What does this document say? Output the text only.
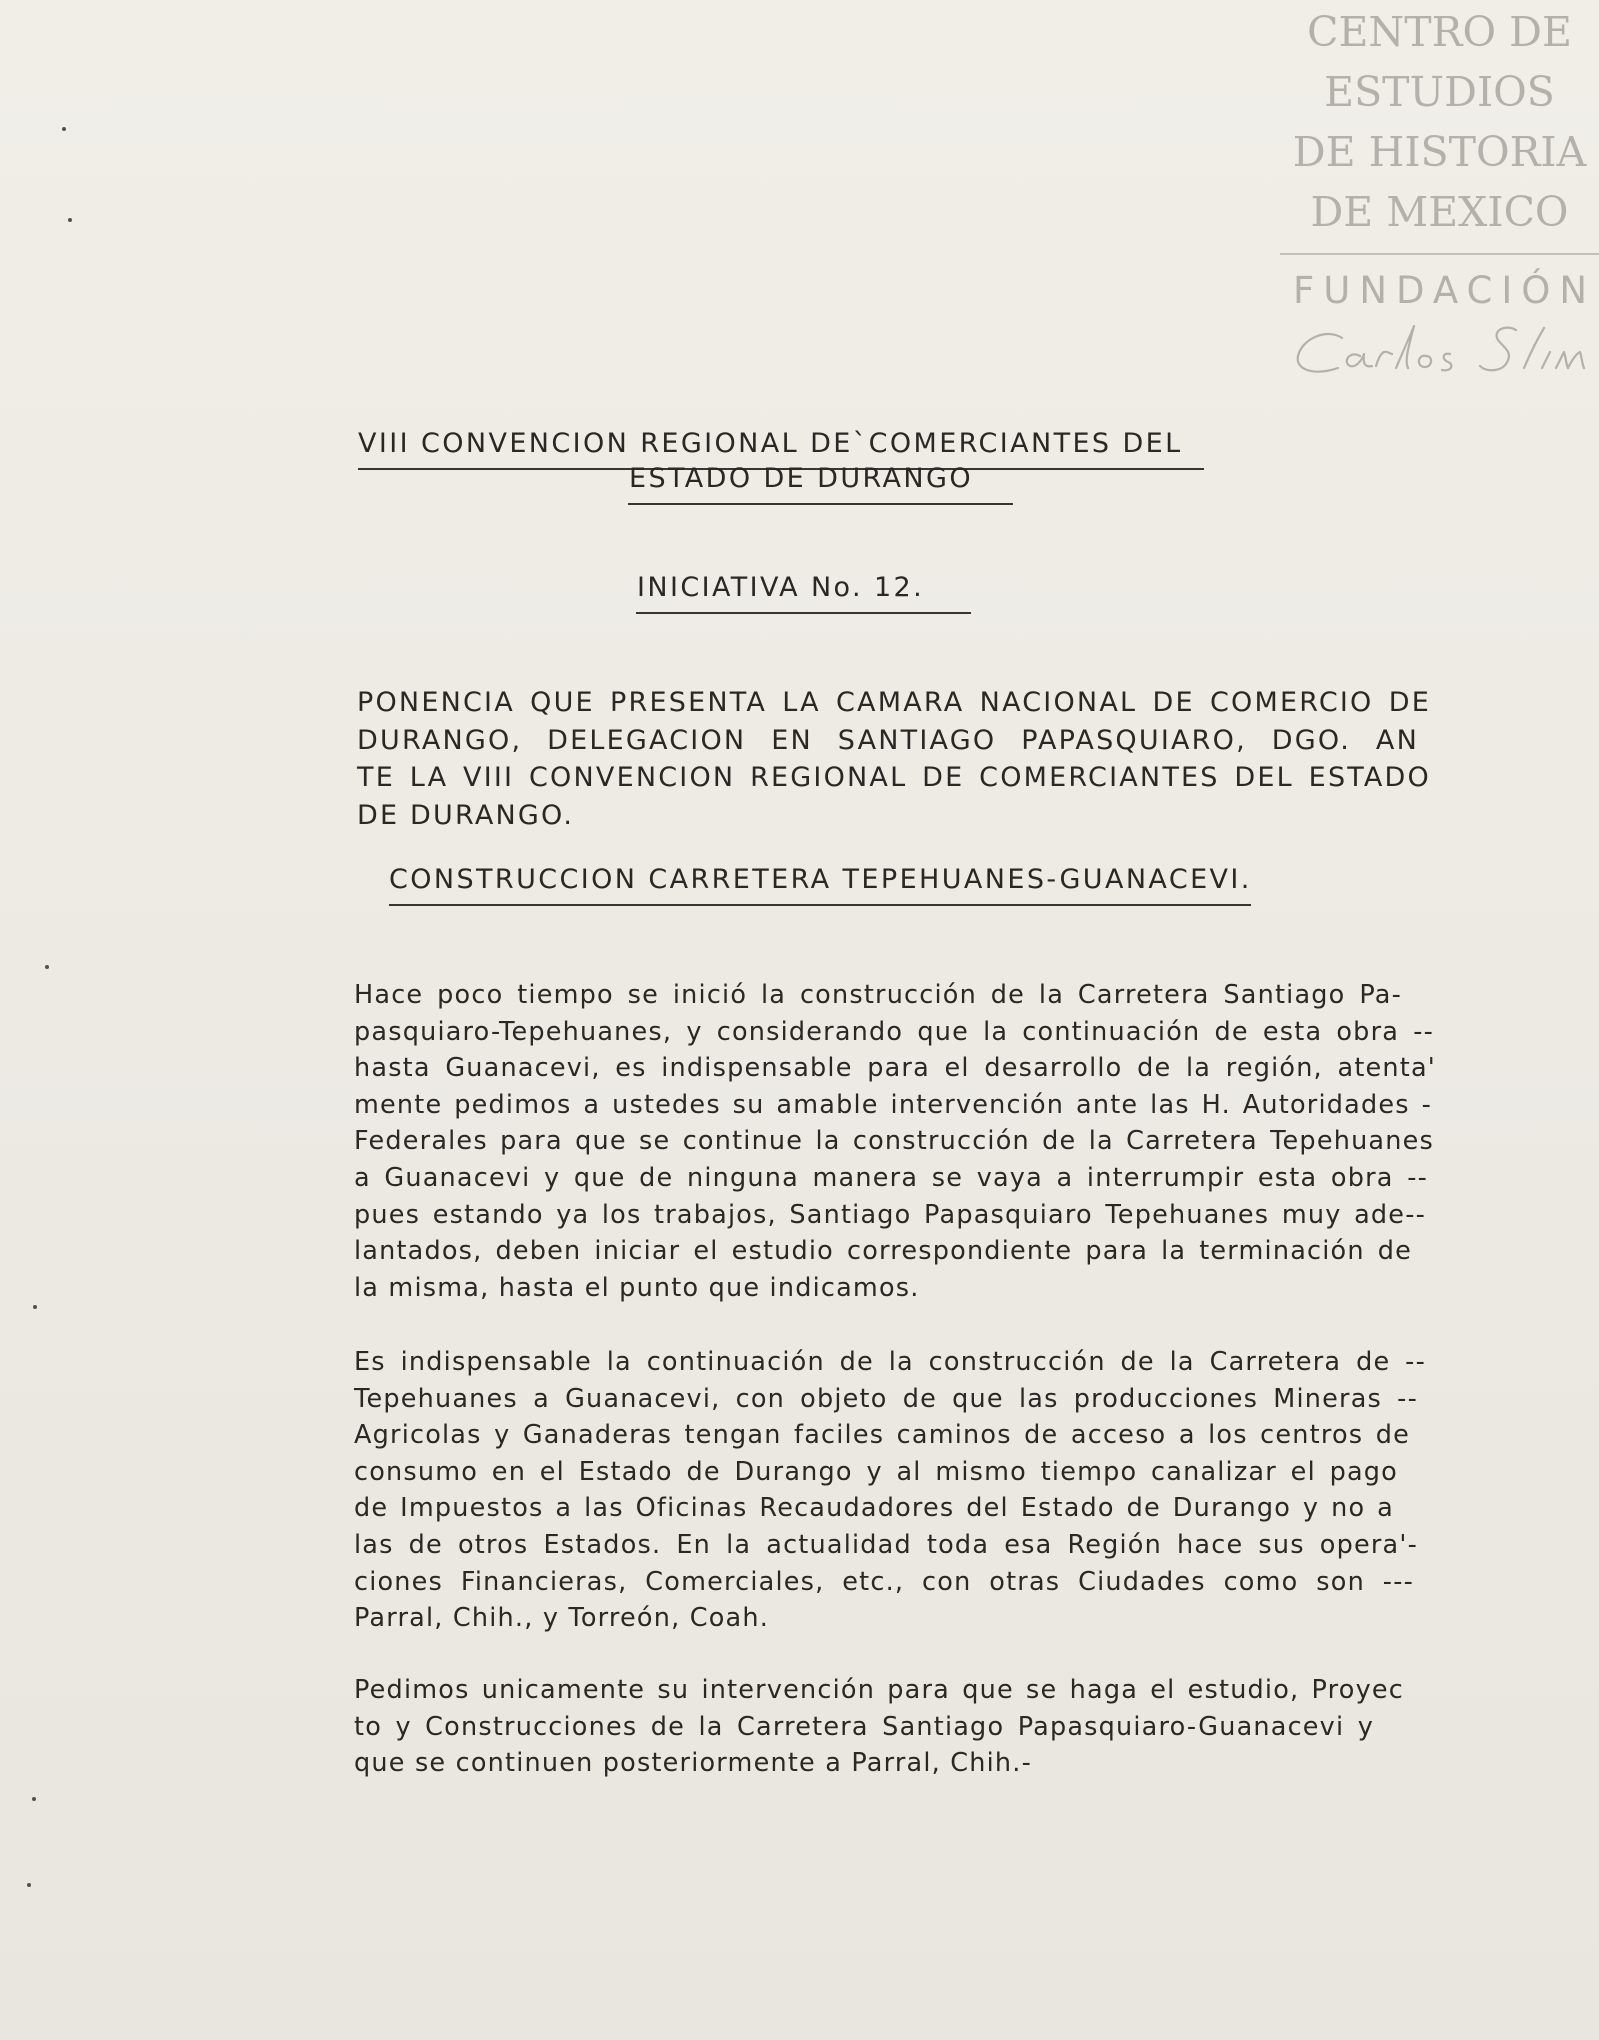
CENTRO DE
ESTUDIOS
DE HISTORIA
DE MEXICO
FUNDACIÓN
VIII CONVENCION REGIONAL DE`COMERCIANTES DEL
ESTADO DE DURANGO
INICIATIVA No. 12.
PONENCIA QUE PRESENTA LA CAMARA NACIONAL DE COMERCIO DE
DURANGO, DELEGACION EN SANTIAGO PAPASQUIARO, DGO. AN
TE LA VIII CONVENCION REGIONAL DE COMERCIANTES DEL ESTADO
DE DURANGO.
CONSTRUCCION CARRETERA TEPEHUANES-GUANACEVI.
Hace poco tiempo se inició la construcción de la Carretera Santiago Pa-
pasquiaro-Tepehuanes, y considerando que la continuación de esta obra --
hasta Guanacevi, es indispensable para el desarrollo de la región, atenta'
mente pedimos a ustedes su amable intervención ante las H. Autoridades -
Federales para que se continue la construcción de la Carretera Tepehuanes
a Guanacevi y que de ninguna manera se vaya a interrumpir esta obra --
pues estando ya los trabajos, Santiago Papasquiaro Tepehuanes muy ade--
lantados, deben iniciar el estudio correspondiente para la terminación de
la misma, hasta el punto que indicamos.
Es indispensable la continuación de la construcción de la Carretera de --
Tepehuanes a Guanacevi, con objeto de que las producciones Mineras --
Agricolas y Ganaderas tengan faciles caminos de acceso a los centros de
consumo en el Estado de Durango y al mismo tiempo canalizar el pago
de Impuestos a las Oficinas Recaudadores del Estado de Durango y no a
las de otros Estados. En la actualidad toda esa Región hace sus opera'-
ciones Financieras, Comerciales, etc., con otras Ciudades como son ---
Parral, Chih., y Torreón, Coah.
Pedimos unicamente su intervención para que se haga el estudio, Proyec
to y Construcciones de la Carretera Santiago Papasquiaro-Guanacevi y
que se continuen posteriormente a Parral, Chih.-
